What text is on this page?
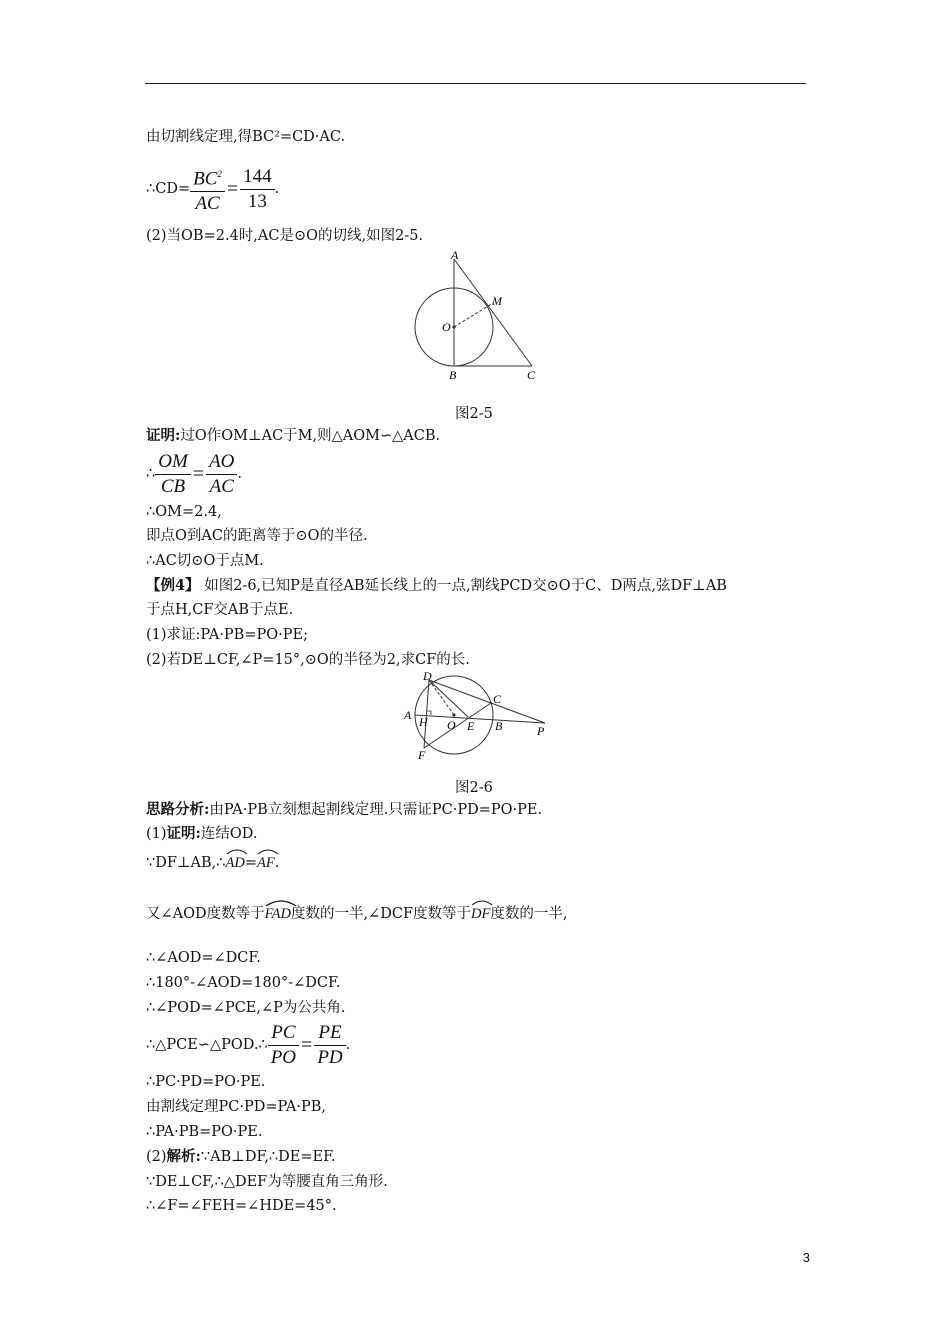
由切割线定理,得BC²=CD·AC.
∴CD= $\frac{BC^2}{AC} = \frac{144}{13}$ .
(2)当OB=2.4时,AC是⊙O的切线,如图2-5.
A
M
O
B	C
图2-5
证明:过O作OM⊥AC于M,则△AOM∽△ACB.
∴ $\frac{OM}{CB} = \frac{AO}{AC}$ .
∴OM=2.4,
即点O到AC的距离等于⊙O的半径.
∴AC切⊙O于点M.
【例4】 如图2-6,已知P是直径AB延长线上的一点,割线PCD交⊙O于C、D两点,弦DF⊥AB
于点H,CF交AB于点E.
(1)求证:PA·PB=PO·PE;
(2)若DE⊥CF,∠P=15°,⊙O的半径为2,求CF的长.
D
C
A H O E B	P
F
图2-6
思路分析:由PA·PB立刻想起割线定理.只需证PC·PD=PO·PE.
(1)证明:连结OD.
∵DF⊥AB,∴
AD=
AF.
又∠AOD度数等于
FAD度数的一半,∠DCF度数等于
DF度数的一半,
∴∠AOD=∠DCF.
∴180°-∠AOD=180°-∠DCF.
∴∠POD=∠PCE,∠P为公共角.
∴△PCE∽△POD.∴ $\frac{PC}{PO} = \frac{PE}{PD}$ .
∴PC·PD=PO·PE.
由割线定理PC·PD=PA·PB,
∴PA·PB=PO·PE.
(2)解析:∵AB⊥DF,∴DE=EF.
∵DE⊥CF,∴△DEF为等腰直角三角形.
∴∠F=∠FEH=∠HDE=45°.
3
